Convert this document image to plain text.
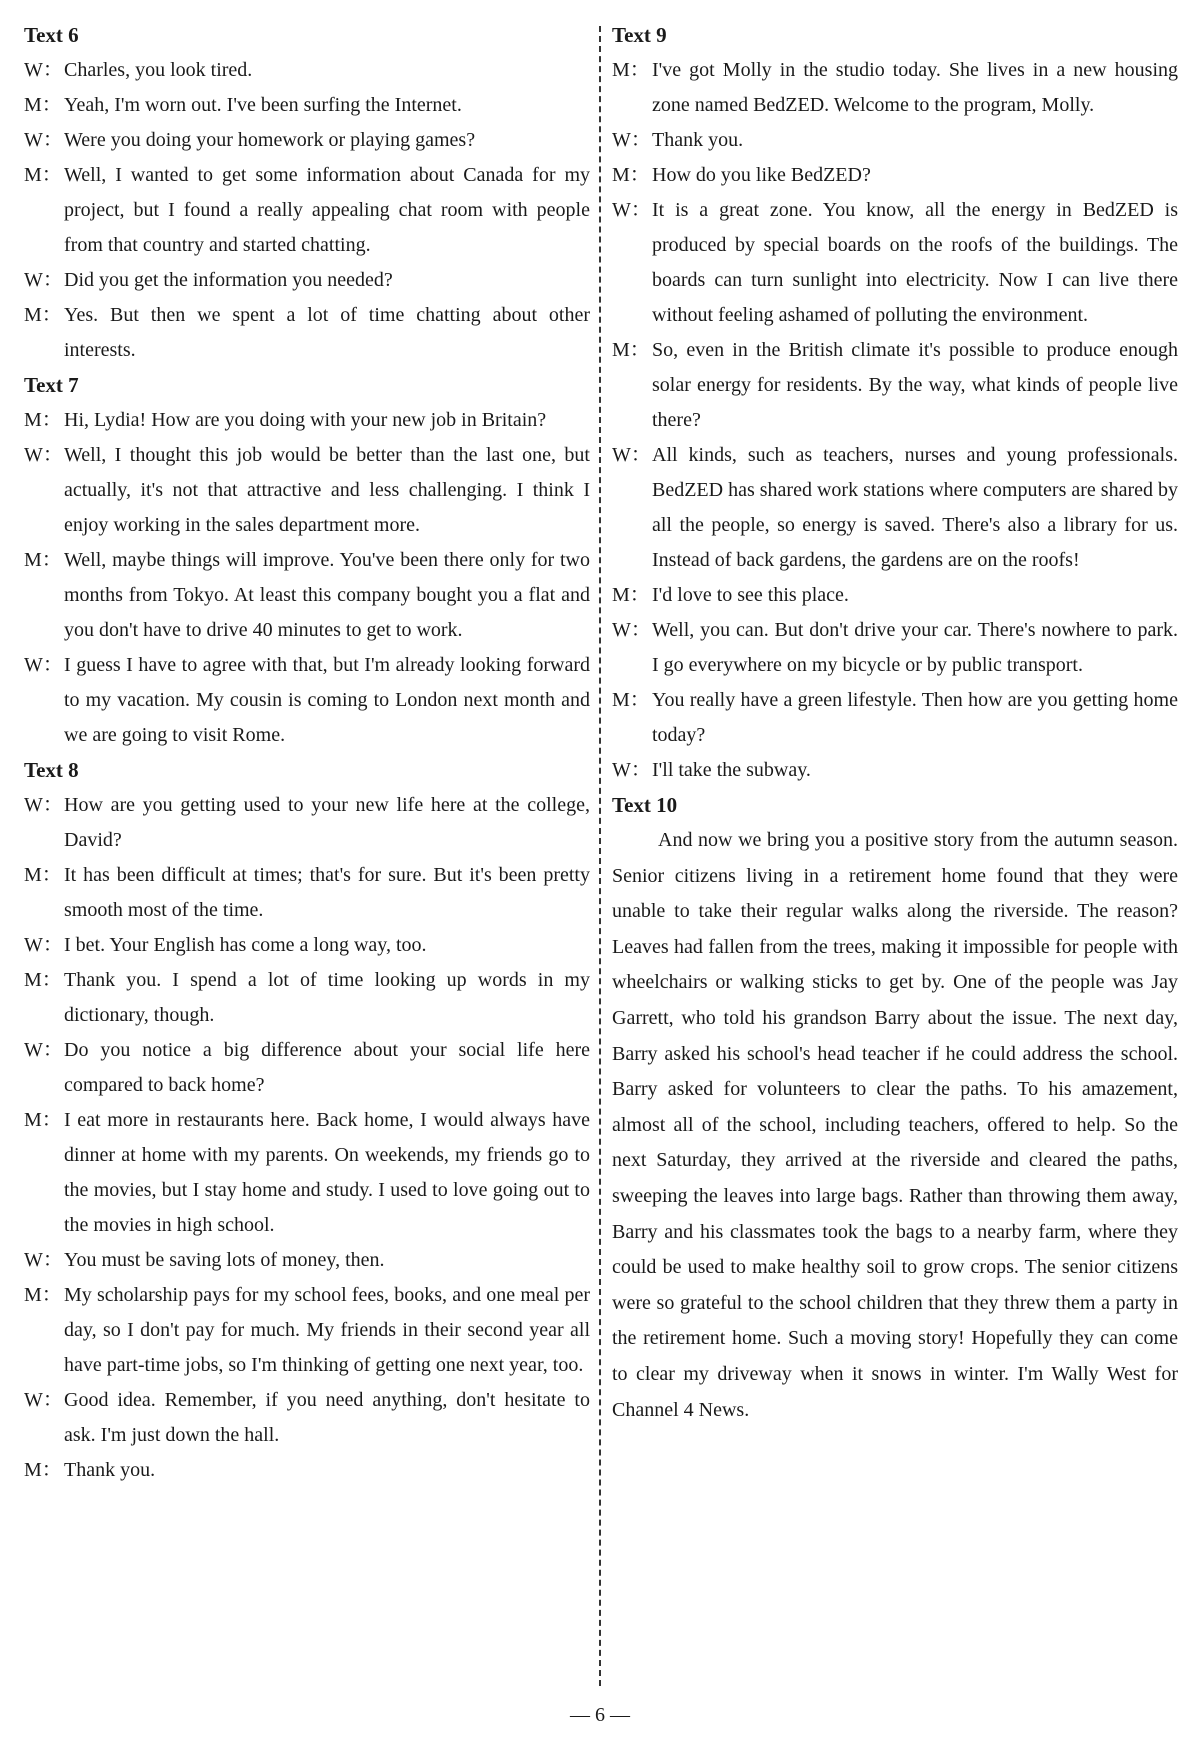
Text 6
W： Charles, you look tired.
M： Yeah, I'm worn out. I've been surfing the Internet.
W： Were you doing your homework or playing games?
M： Well, I wanted to get some information about Canada for my project, but I found a really appealing chat room with people from that country and started chatting.
W： Did you get the information you needed?
M： Yes. But then we spent a lot of time chatting about other interests.
Text 7
M： Hi, Lydia! How are you doing with your new job in Britain?
W： Well, I thought this job would be better than the last one, but actually, it's not that attractive and less challenging. I think I enjoy working in the sales department more.
M： Well, maybe things will improve. You've been there only for two months from Tokyo. At least this company bought you a flat and you don't have to drive 40 minutes to get to work.
W： I guess I have to agree with that, but I'm already looking forward to my vacation. My cousin is coming to London next month and we are going to visit Rome.
Text 8
W： How are you getting used to your new life here at the college, David?
M： It has been difficult at times; that's for sure. But it's been pretty smooth most of the time.
W： I bet. Your English has come a long way, too.
M： Thank you. I spend a lot of time looking up words in my dictionary, though.
W： Do you notice a big difference about your social life here compared to back home?
M： I eat more in restaurants here. Back home, I would always have dinner at home with my parents. On weekends, my friends go to the movies, but I stay home and study. I used to love going out to the movies in high school.
W： You must be saving lots of money, then.
M： My scholarship pays for my school fees, books, and one meal per day, so I don't pay for much. My friends in their second year all have part-time jobs, so I'm thinking of getting one next year, too.
W： Good idea. Remember, if you need anything, don't hesitate to ask. I'm just down the hall.
M： Thank you.
Text 9
M： I've got Molly in the studio today. She lives in a new housing zone named BedZED. Welcome to the program, Molly.
W： Thank you.
M： How do you like BedZED?
W： It is a great zone. You know, all the energy in BedZED is produced by special boards on the roofs of the buildings. The boards can turn sunlight into electricity. Now I can live there without feeling ashamed of polluting the environment.
M： So, even in the British climate it's possible to produce enough solar energy for residents. By the way, what kinds of people live there?
W： All kinds, such as teachers, nurses and young professionals. BedZED has shared work stations where computers are shared by all the people, so energy is saved. There's also a library for us. Instead of back gardens, the gardens are on the roofs!
M： I'd love to see this place.
W： Well, you can. But don't drive your car. There's nowhere to park. I go everywhere on my bicycle or by public transport.
M： You really have a green lifestyle. Then how are you getting home today?
W： I'll take the subway.
Text 10

And now we bring you a positive story from the autumn season. Senior citizens living in a retirement home found that they were unable to take their regular walks along the riverside. The reason? Leaves had fallen from the trees, making it impossible for people with wheelchairs or walking sticks to get by. One of the people was Jay Garrett, who told his grandson Barry about the issue. The next day, Barry asked his school's head teacher if he could address the school. Barry asked for volunteers to clear the paths. To his amazement, almost all of the school, including teachers, offered to help. So the next Saturday, they arrived at the riverside and cleared the paths, sweeping the leaves into large bags. Rather than throwing them away, Barry and his classmates took the bags to a nearby farm, where they could be used to make healthy soil to grow crops. The senior citizens were so grateful to the school children that they threw them a party in the retirement home. Such a moving story! Hopefully they can come to clear my driveway when it snows in winter. I'm Wally West for Channel 4 News.

— 6 —
